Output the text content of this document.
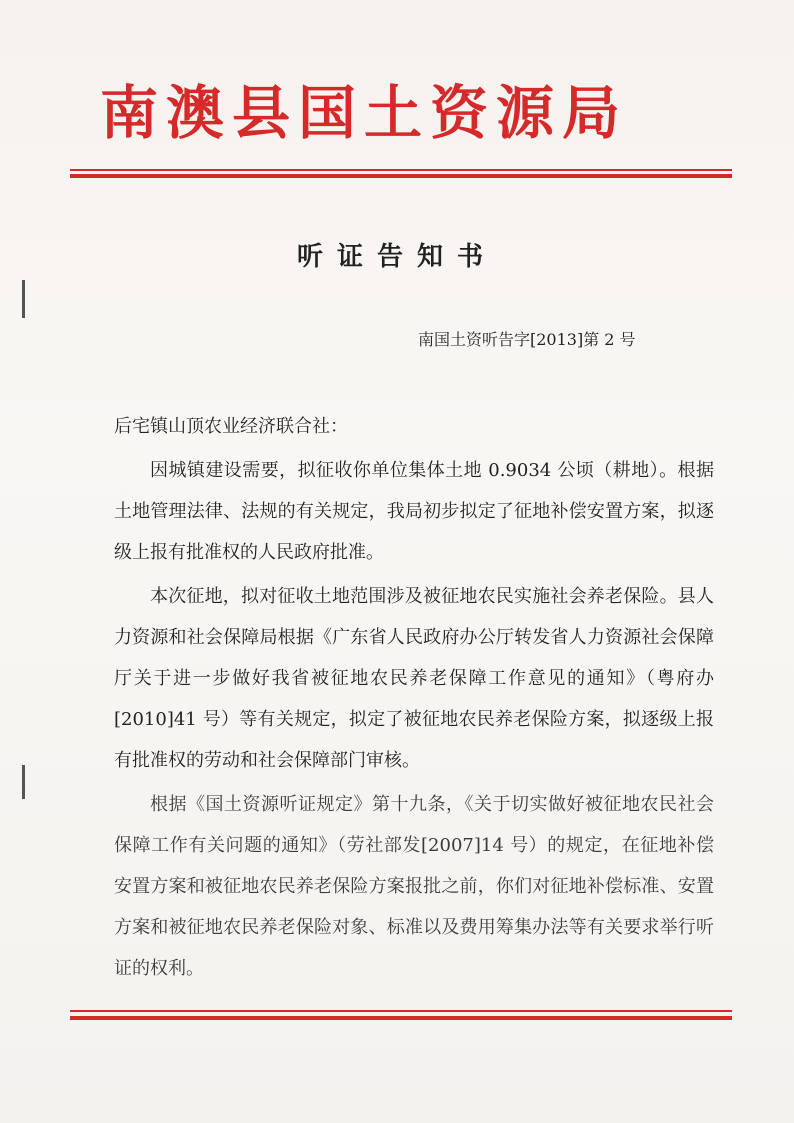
南澳县国土资源局
听证告知书
南国土资听告字[2013]第 2 号
后宅镇山顶农业经济联合社：

因城镇建设需要，拟征收你单位集体土地 0.9034 公顷（耕地）。根据土地管理法律、法规的有关规定，我局初步拟定了征地补偿安置方案，拟逐级上报有批准权的人民政府批准。

本次征地，拟对征收土地范围涉及被征地农民实施社会养老保险。县人力资源和社会保障局根据《广东省人民政府办公厅转发省人力资源社会保障厅关于进一步做好我省被征地农民养老保障工作意见的通知》（粤府办[2010]41 号）等有关规定，拟定了被征地农民养老保险方案，拟逐级上报有批准权的劳动和社会保障部门审核。

根据《国土资源听证规定》第十九条，《关于切实做好被征地农民社会保障工作有关问题的通知》（劳社部发[2007]14 号）的规定，在征地补偿安置方案和被征地农民养老保险方案报批之前，你们对征地补偿标准、安置方案和被征地农民养老保险对象、标准以及费用筹集办法等有关要求举行听证的权利。
